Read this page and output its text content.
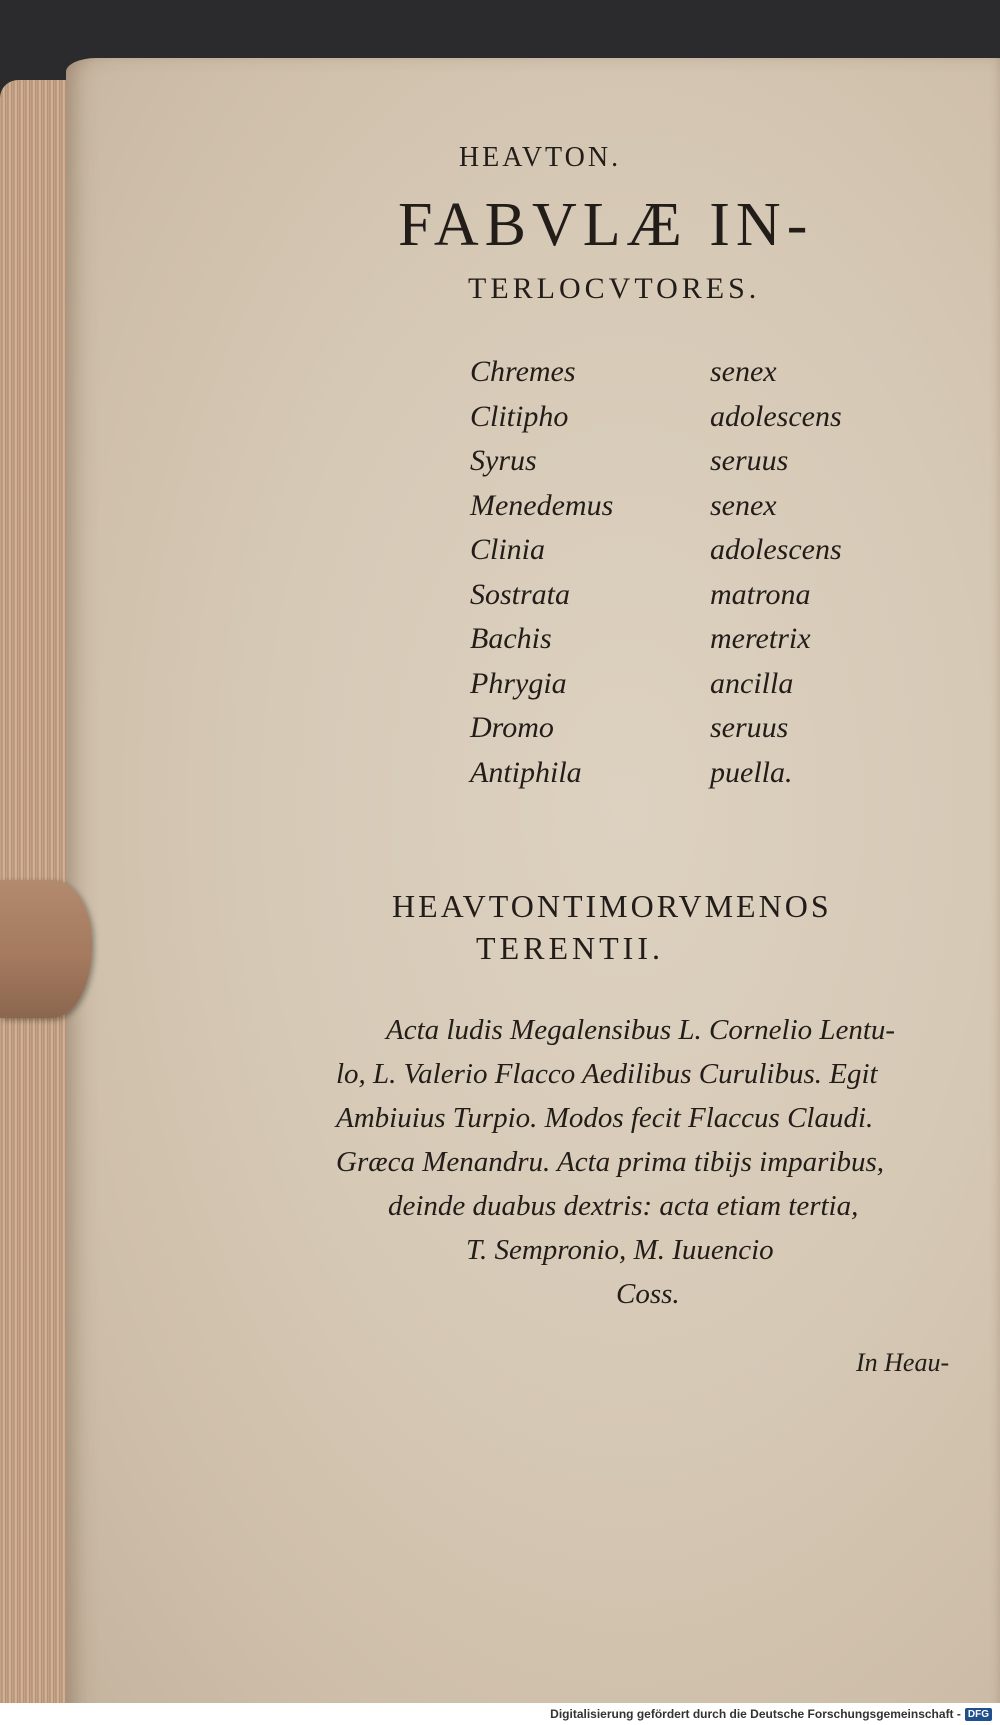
HEAVTON.
FABVLÆ IN-
TERLOCVTORES.
Chremes	senex
Clitipho	adolescens
Syrus	seruus
Menedemus	senex
Clinia	adolescens
Sostrata	matrona
Bachis	meretrix
Phrygia	ancilla
Dromo	seruus
Antiphila	puella.
HEAVTONTIMORVMENOS
TERENTII.
Acta ludis Megalensibus L. Cornelio Lentu-
lo, L. Valerio Flacco Aedilibus Curulibus. Egit
Ambiuius Turpio. Modos fecit Flaccus Claudi.
Græca Menandru. Acta prima tibijs imparibus,
deinde duabus dextris: acta etiam tertia,
T. Sempronio, M. Iuuencio
Coss.
In Heau-
Digitalisierung gefördert durch die Deutsche Forschungsgemeinschaft - DFG
